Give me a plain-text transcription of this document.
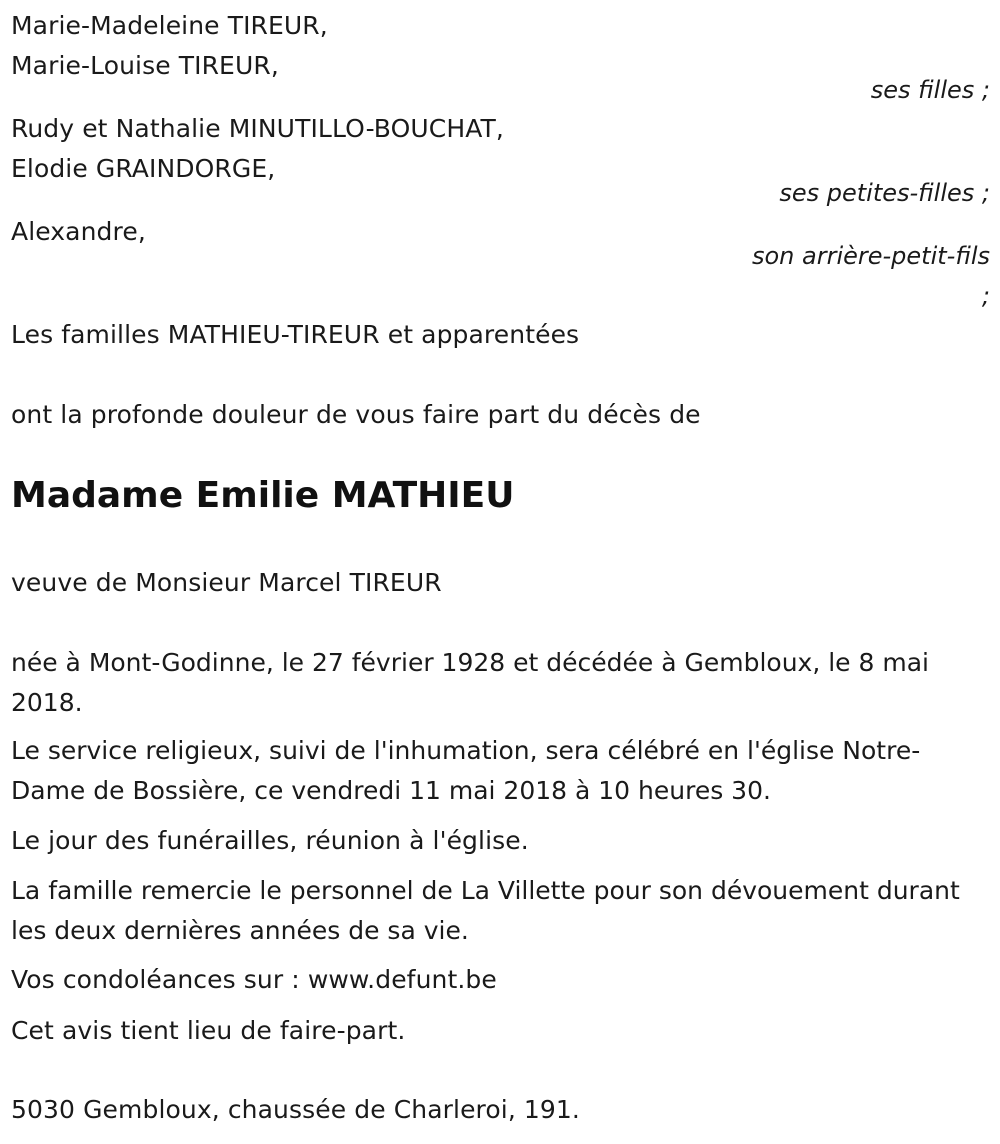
Marie-Madeleine TIREUR,
Marie-Louise TIREUR,
ses filles ;
Rudy et Nathalie MINUTILLO-BOUCHAT,
Elodie GRAINDORGE,
ses petites-filles ;
Alexandre,
son arrière-petit-fils
;
Les familles MATHIEU-TIREUR et apparentées
ont la profonde douleur de vous faire part du décès de
Madame Emilie MATHIEU
veuve de Monsieur Marcel TIREUR
née à Mont-Godinne, le 27 février 1928 et décédée à Gembloux, le 8 mai 2018.
Le service religieux, suivi de l'inhumation, sera célébré en l'église Notre-Dame de Bossière, ce vendredi 11 mai 2018 à 10 heures 30.
Le jour des funérailles, réunion à l'église.
La famille remercie le personnel de La Villette pour son dévouement durant les deux dernières années de sa vie.
Vos condoléances sur : www.defunt.be
Cet avis tient lieu de faire-part.
5030 Gembloux, chaussée de Charleroi, 191.
